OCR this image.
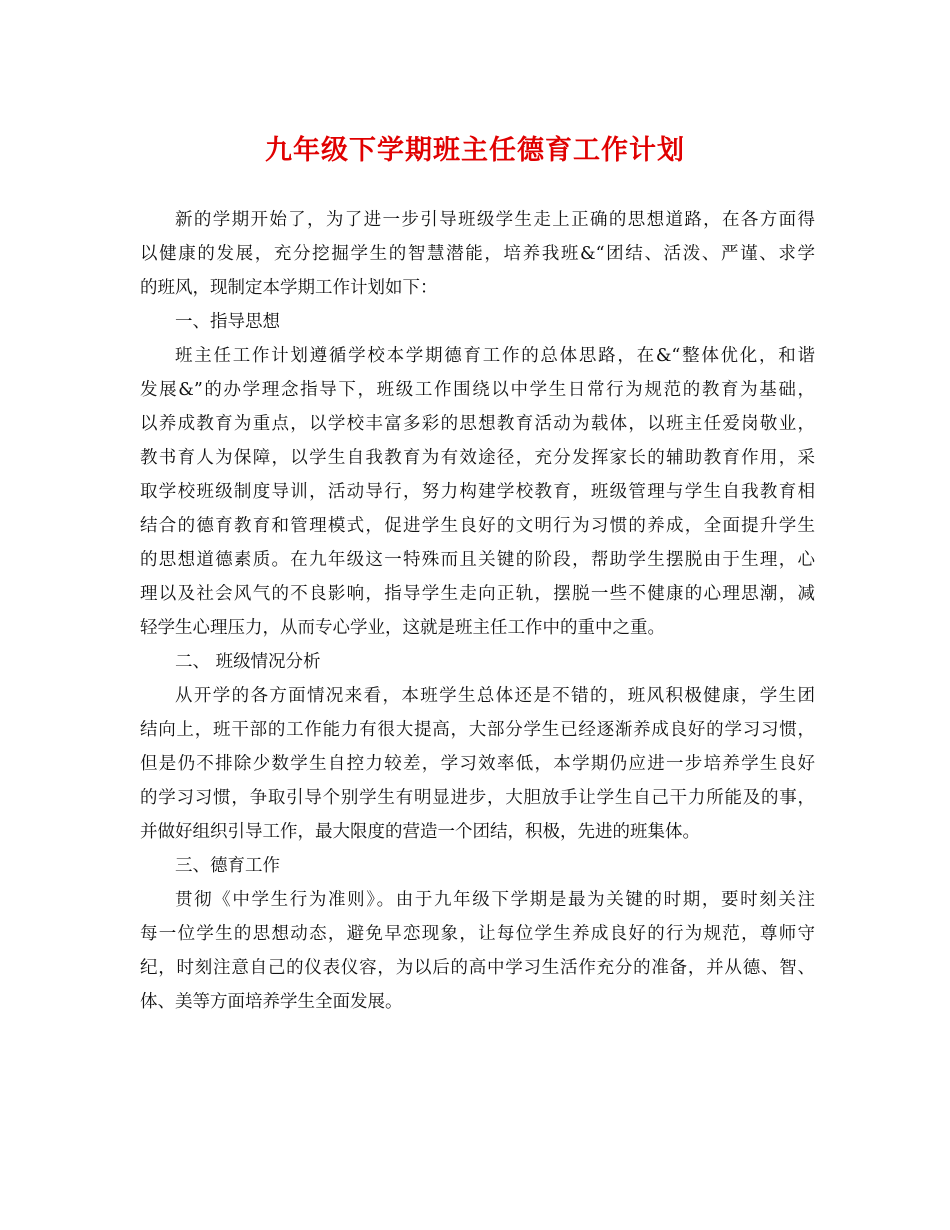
九年级下学期班主任德育工作计划
新的学期开始了，为了进一步引导班级学生走上正确的思想道路，在各方面得
以健康的发展，充分挖掘学生的智慧潜能，培养我班&“团结、活泼、严谨、求学
的班风，现制定本学期工作计划如下：
一、指导思想
班主任工作计划遵循学校本学期德育工作的总体思路，在&“整体优化，和谐
发展&”的办学理念指导下，班级工作围绕以中学生日常行为规范的教育为基础，
以养成教育为重点，以学校丰富多彩的思想教育活动为载体，以班主任爱岗敬业，
教书育人为保障，以学生自我教育为有效途径，充分发挥家长的辅助教育作用，采
取学校班级制度导训，活动导行，努力构建学校教育，班级管理与学生自我教育相
结合的德育教育和管理模式，促进学生良好的文明行为习惯的养成，全面提升学生
的思想道德素质。在九年级这一特殊而且关键的阶段，帮助学生摆脱由于生理，心
理以及社会风气的不良影响，指导学生走向正轨，摆脱一些不健康的心理思潮，减
轻学生心理压力，从而专心学业，这就是班主任工作中的重中之重。
二、 班级情况分析
从开学的各方面情况来看，本班学生总体还是不错的，班风积极健康，学生团
结向上，班干部的工作能力有很大提高，大部分学生已经逐渐养成良好的学习习惯，
但是仍不排除少数学生自控力较差，学习效率低，本学期仍应进一步培养学生良好
的学习习惯，争取引导个别学生有明显进步，大胆放手让学生自己干力所能及的事，
并做好组织引导工作，最大限度的营造一个团结，积极，先进的班集体。
三、德育工作
贯彻《中学生行为准则》。由于九年级下学期是最为关键的时期，要时刻关注
每一位学生的思想动态，避免早恋现象，让每位学生养成良好的行为规范，尊师守
纪，时刻注意自己的仪表仪容，为以后的高中学习生活作充分的准备，并从德、智、
体、美等方面培养学生全面发展。
